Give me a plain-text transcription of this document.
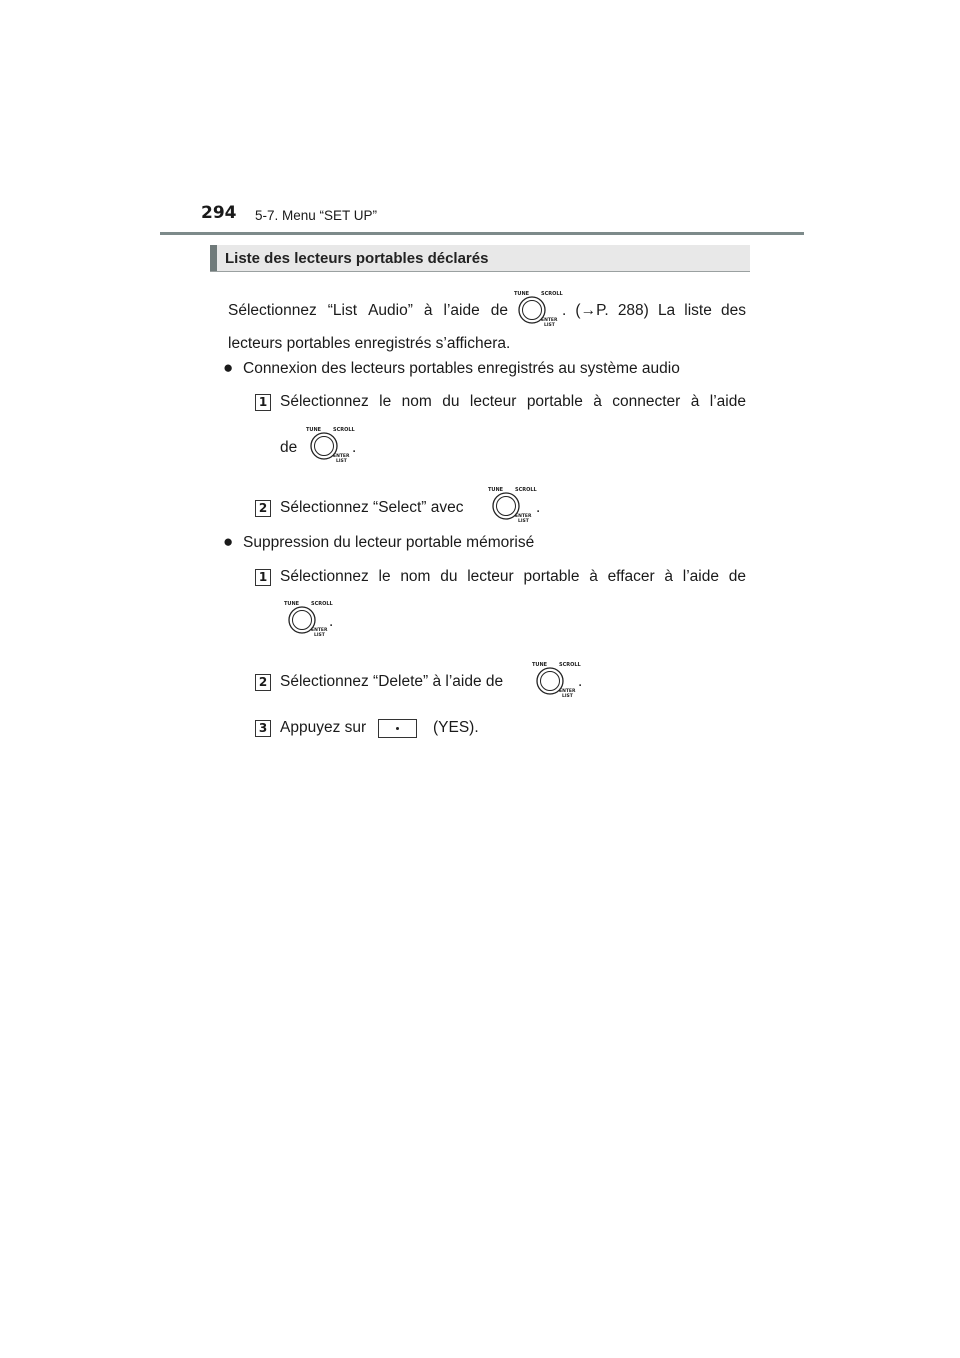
294 5-7. Menu “SET UP”
Liste des lecteurs portables déclarés
Sélectionnez “List Audio” à l’aide de
TUNE SCROLL
ENTER
LIST
. (→P. 288) La liste des
lecteurs portables enregistrés s’afficherа.
● Connexion des lecteurs portables enregistrés au système audio
1 Sélectionnez le nom du lecteur portable à connecter à l’aide
de
TUNE SCROLL
ENTER
LIST
.
2 Sélectionnez “Select” avec
TUNE SCROLL
ENTER
LIST
.
● Suppression du lecteur portable mémorisé
1 Sélectionnez le nom du lecteur portable à effacer à l’aide de
TUNE SCROLL
ENTER
LIST
.
2 Sélectionnez “Delete” à l’aide de
TUNE SCROLL
ENTER
LIST
.
3 Appuyez sur	(YES).
